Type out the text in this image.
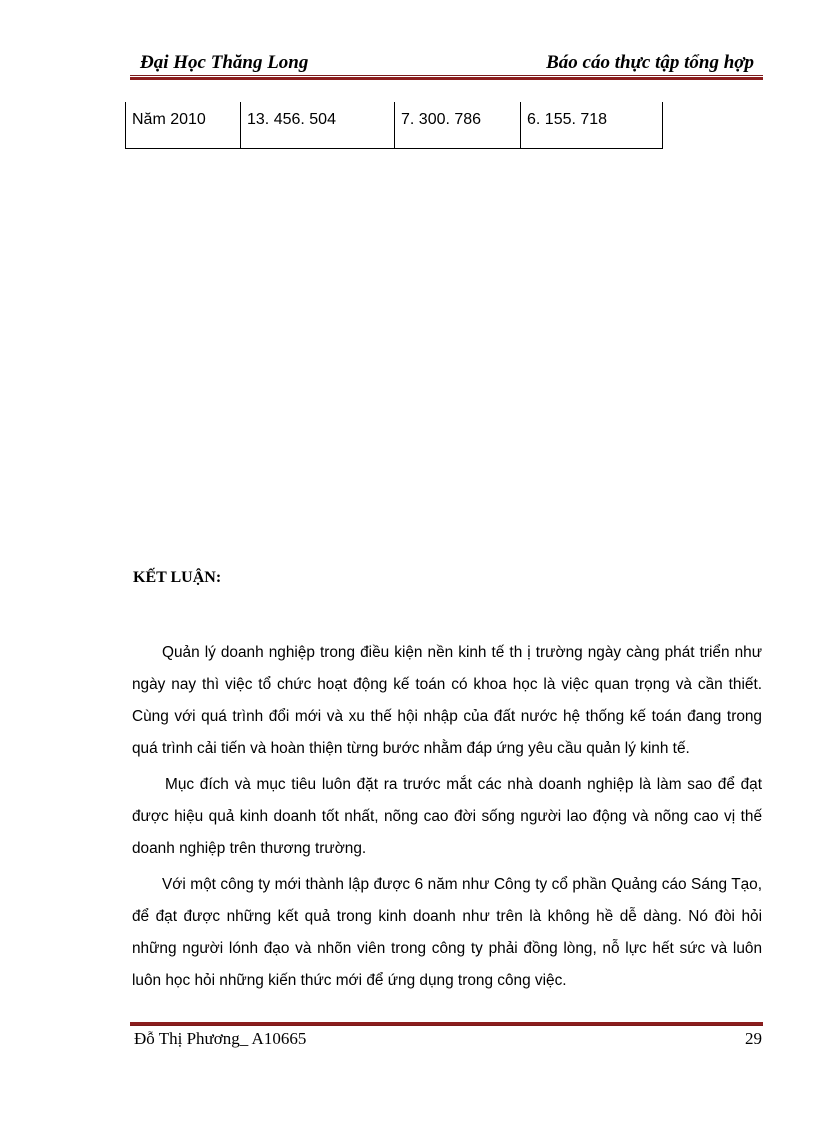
Đại Học Thăng Long	Báo cáo thực tập tổng hợp
Năm 2010	13. 456. 504	7. 300. 786	6. 155. 718
KẾT LUẬN:
Quản lý doanh nghiệp trong điều kiện nền kinh tế th ị trường ngày càng phát triển như ngày nay thì việc tổ chức hoạt động kế toán có khoa học là việc quan trọng và cần thiết. Cùng với quá trình đổi mới và xu thế hội nhập của đất nước hệ thống kế toán đang trong quá trình cải tiến và hoàn thiện từng bước nhằm đáp ứng yêu cầu quản lý kinh tế.
Mục đích và mục tiêu luôn đặt ra trước mắt các nhà doanh nghiệp là làm sao để đạt được hiệu quả kinh doanh tốt nhất, nõng cao đời sống người lao động và nõng cao vị thế doanh nghiệp trên thương trường.
Với một công ty mới thành lập được 6 năm như Công ty cổ phần Quảng cáo Sáng Tạo, để đạt được những kết quả trong kinh doanh như trên là không hề dễ dàng. Nó đòi hỏi những người lónh đạo và nhõn viên trong công ty phải đồng lòng, nỗ lực hết sức và luôn luôn học hỏi những kiến thức mới để ứng dụng trong công việc.
Đỗ Thị Phương_ A10665	29
